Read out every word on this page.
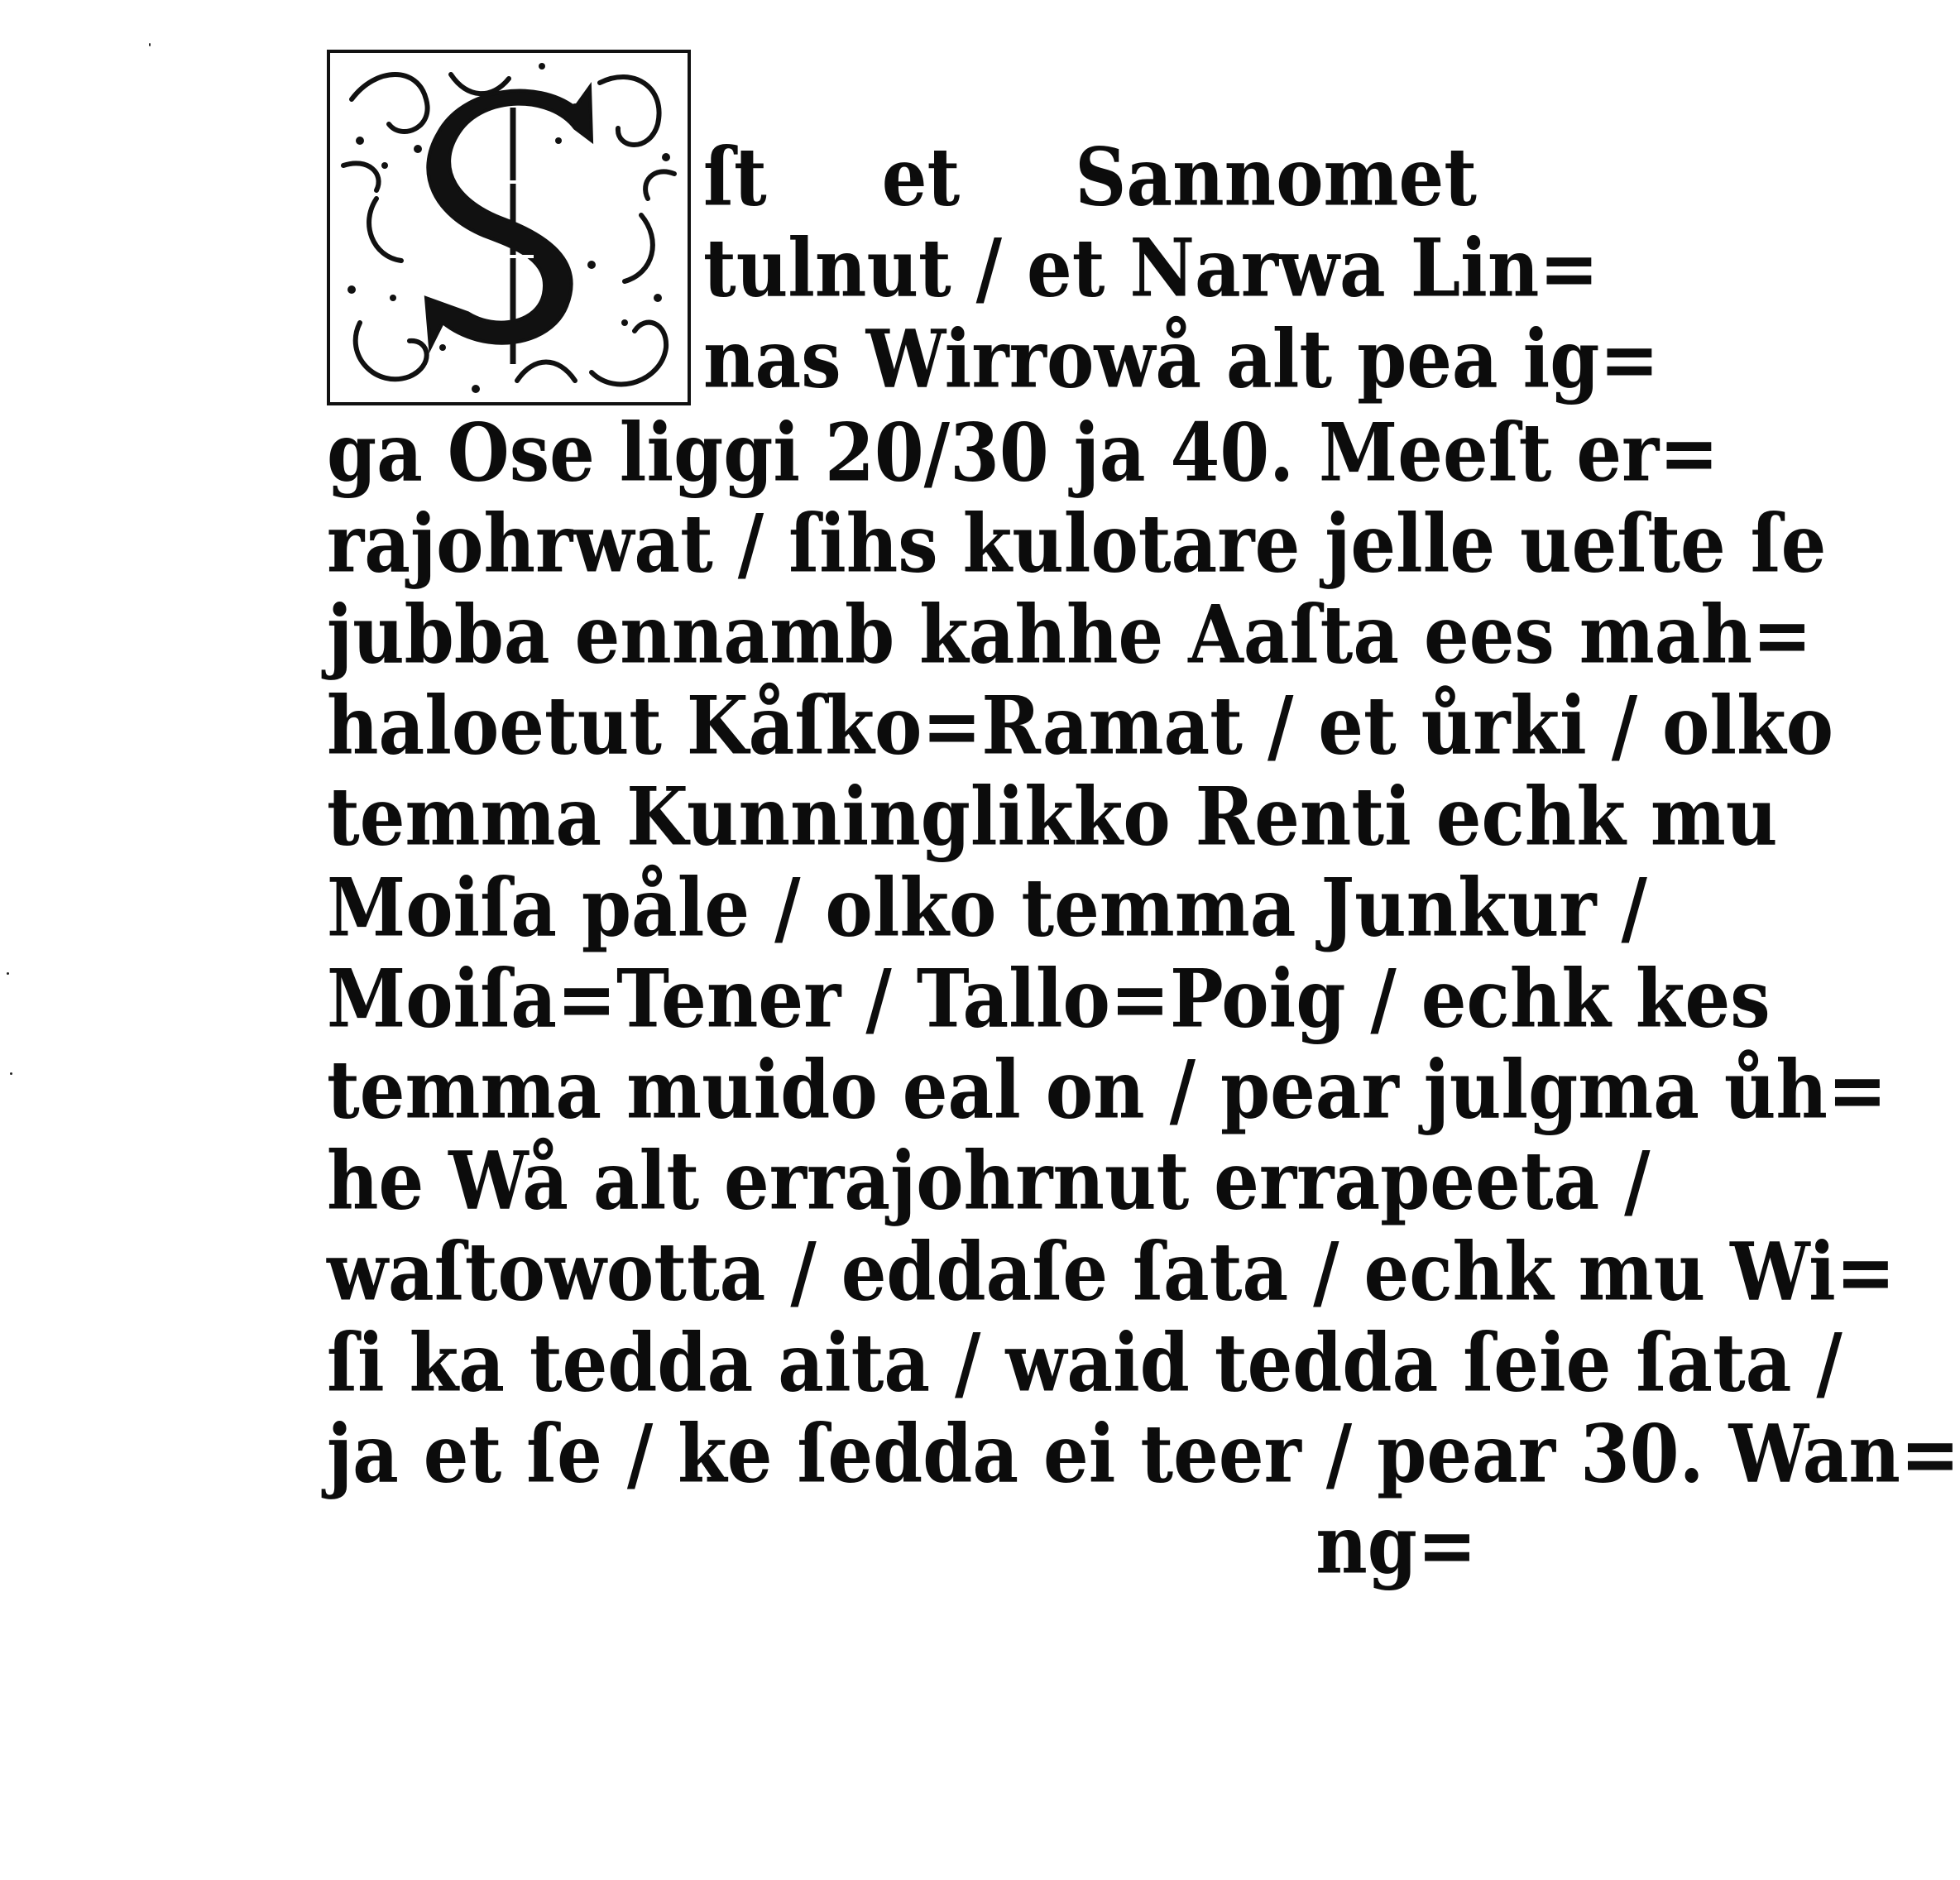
ſt et Sannomet
tulnut / et Narwa Lin=
nas Wirrowå alt pea ig=
ga Ose liggi 20/30 ja 40. Meeſt er=
rajohrwat / ſihs kulotare jelle ueſte ſe
jubba ennamb kahhe Aaſta ees mah=
haloetut Kåſko=Ramat / et ůrki / olko
temma Kunninglikko Renti echk mu
Moiſa påle / olko temma Junkur /
Moiſa=Tener / Tallo=Poig / echk kes
temma muido eal on / pear julgma ůh=
he Wå alt errajohrnut errapeeta /
waſtowotta / eddaſe ſata / echk mu Wi=
ſi ka tedda aita / waid tedda ſeie ſata /
ja et ſe / ke ſedda ei teer / pear 30. Wan=
ng=
